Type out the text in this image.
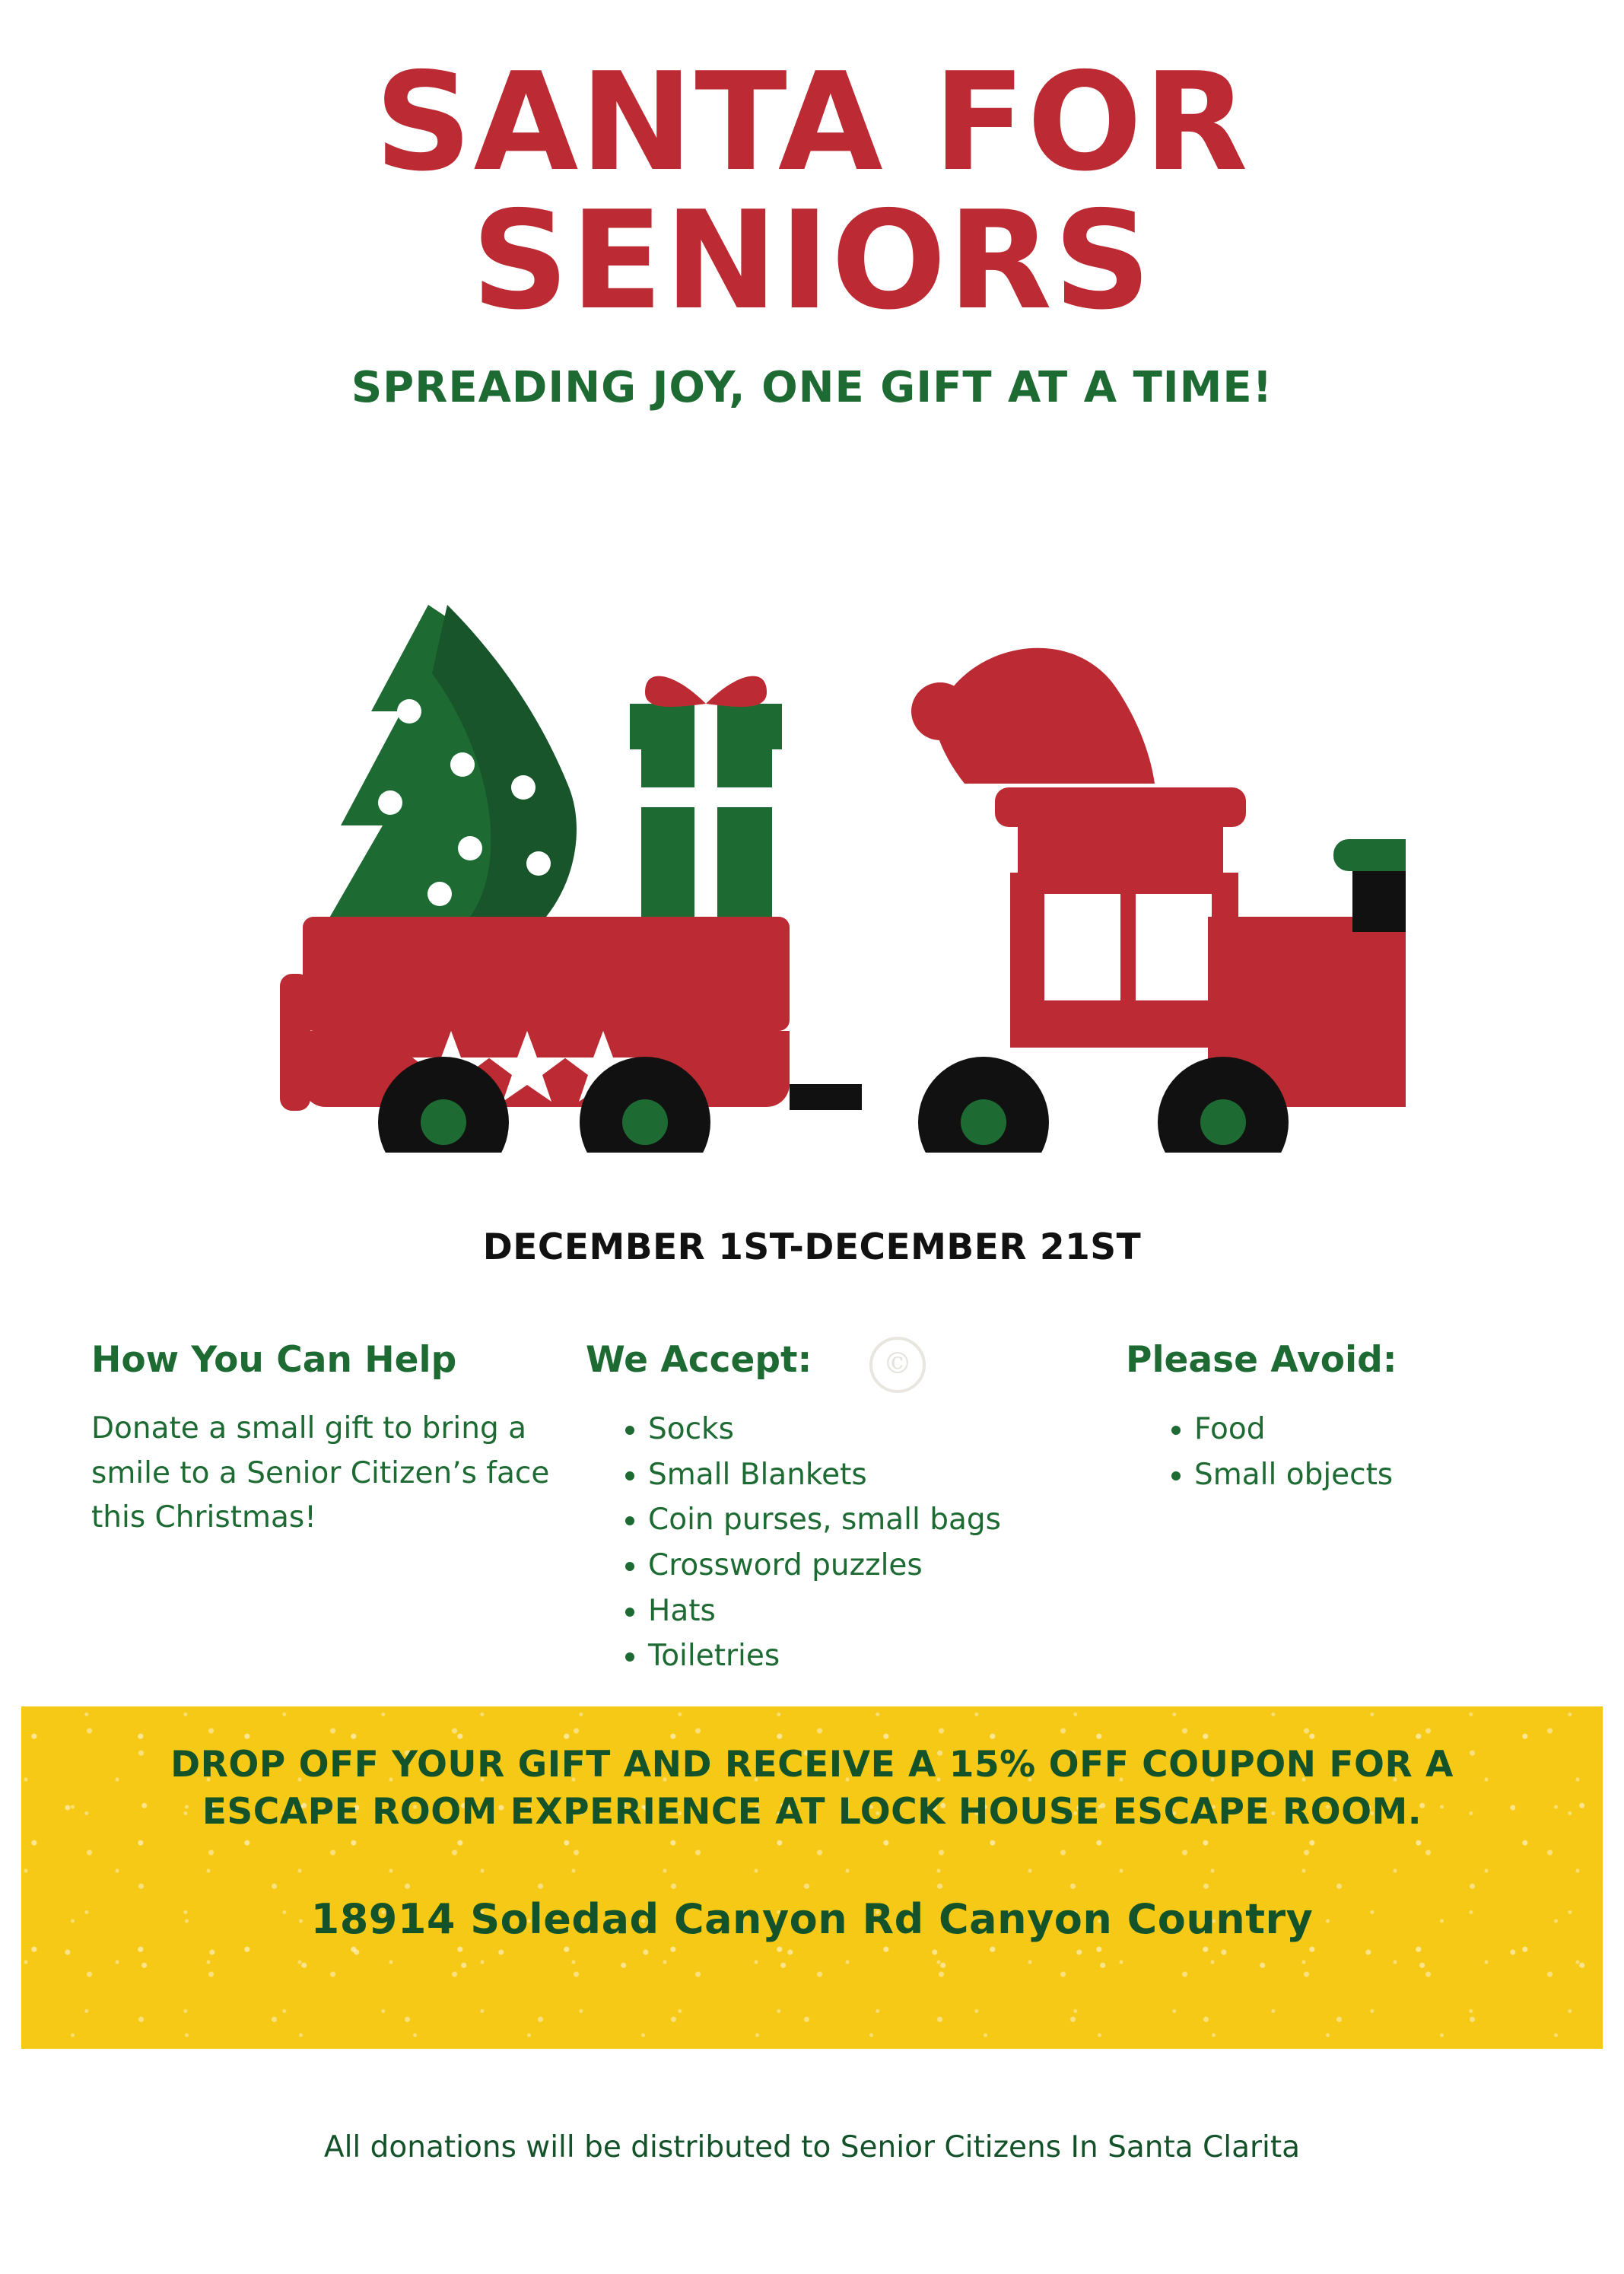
SANTA FOR
SENIORS
SPREADING JOY, ONE GIFT AT A TIME!
DECEMBER 1ST-DECEMBER 21ST
How You Can Help
Donate a small gift to bring a smile to a Senior Citizen’s face this Christmas!
We Accept:
• Socks
• Small Blankets
• Coin purses, small bags
• Crossword puzzles
• Hats
• Toiletries
Please Avoid:
• Food
• Small objects
©
DROP OFF YOUR GIFT AND RECEIVE A 15% OFF COUPON FOR A
ESCAPE ROOM EXPERIENCE AT LOCK HOUSE ESCAPE ROOM.
18914 Soledad Canyon Rd Canyon Country
All donations will be distributed to Senior Citizens In Santa Clarita
